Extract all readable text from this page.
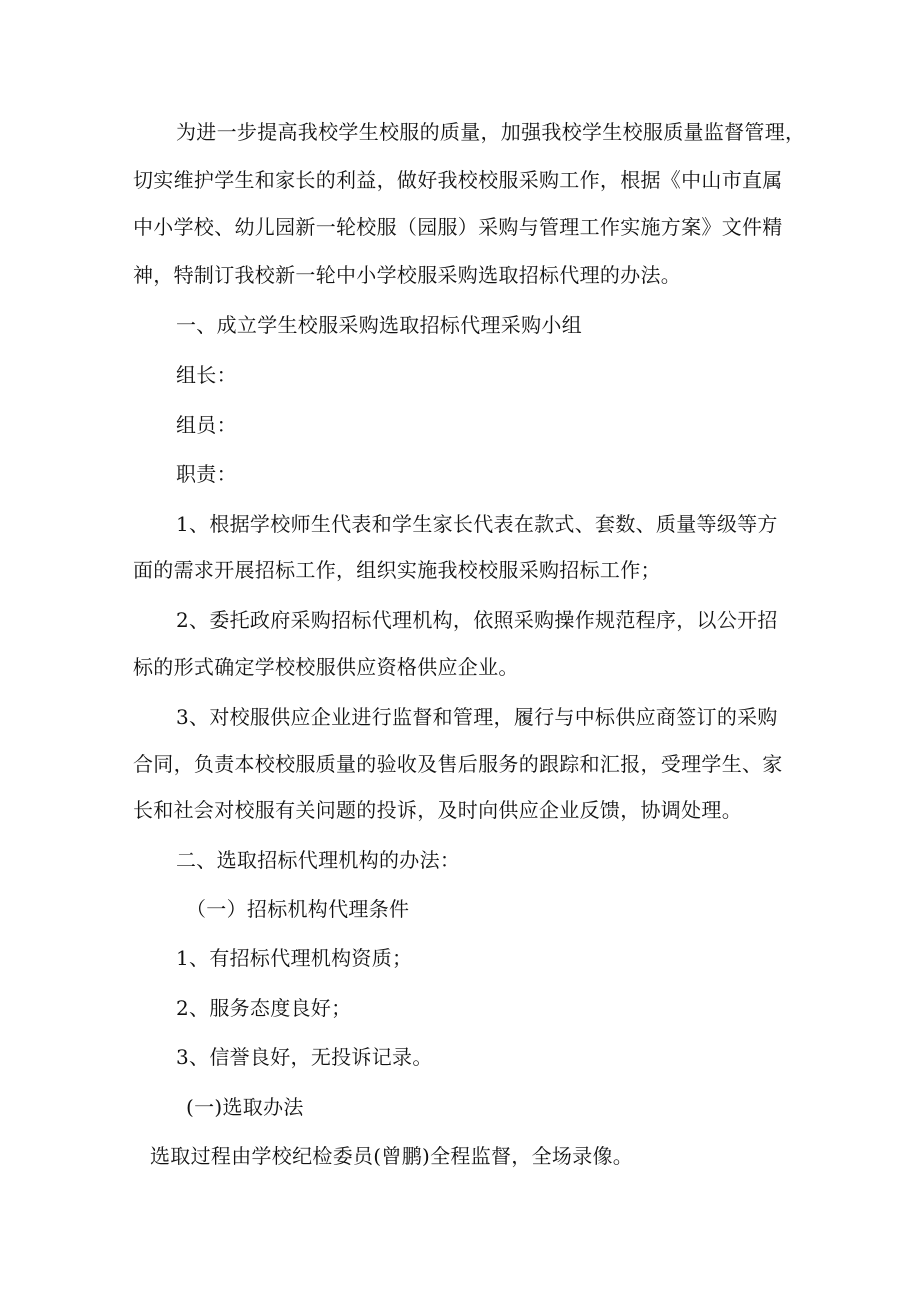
为进一步提高我校学生校服的质量，加强我校学生校服质量监督管理，
切实维护学生和家长的利益，做好我校校服采购工作，根据《中山市直属
中小学校、幼儿园新一轮校服（园服）采购与管理工作实施方案》文件精
神，特制订我校新一轮中小学校服采购选取招标代理的办法。
一、成立学生校服采购选取招标代理采购小组
组长：
组员：
职责：
1、根据学校师生代表和学生家长代表在款式、套数、质量等级等方
面的需求开展招标工作，组织实施我校校服采购招标工作；
2、委托政府采购招标代理机构，依照采购操作规范程序，以公开招
标的形式确定学校校服供应资格供应企业。
3、对校服供应企业进行监督和管理，履行与中标供应商签订的采购
合同，负责本校校服质量的验收及售后服务的跟踪和汇报，受理学生、家
长和社会对校服有关问题的投诉，及时向供应企业反馈，协调处理。
二、选取招标代理机构的办法：
（一）招标机构代理条件
1、有招标代理机构资质；
2、服务态度良好；
3、信誉良好，无投诉记录。
(一)选取办法
选取过程由学校纪检委员(曾鹏)全程监督，全场录像。
